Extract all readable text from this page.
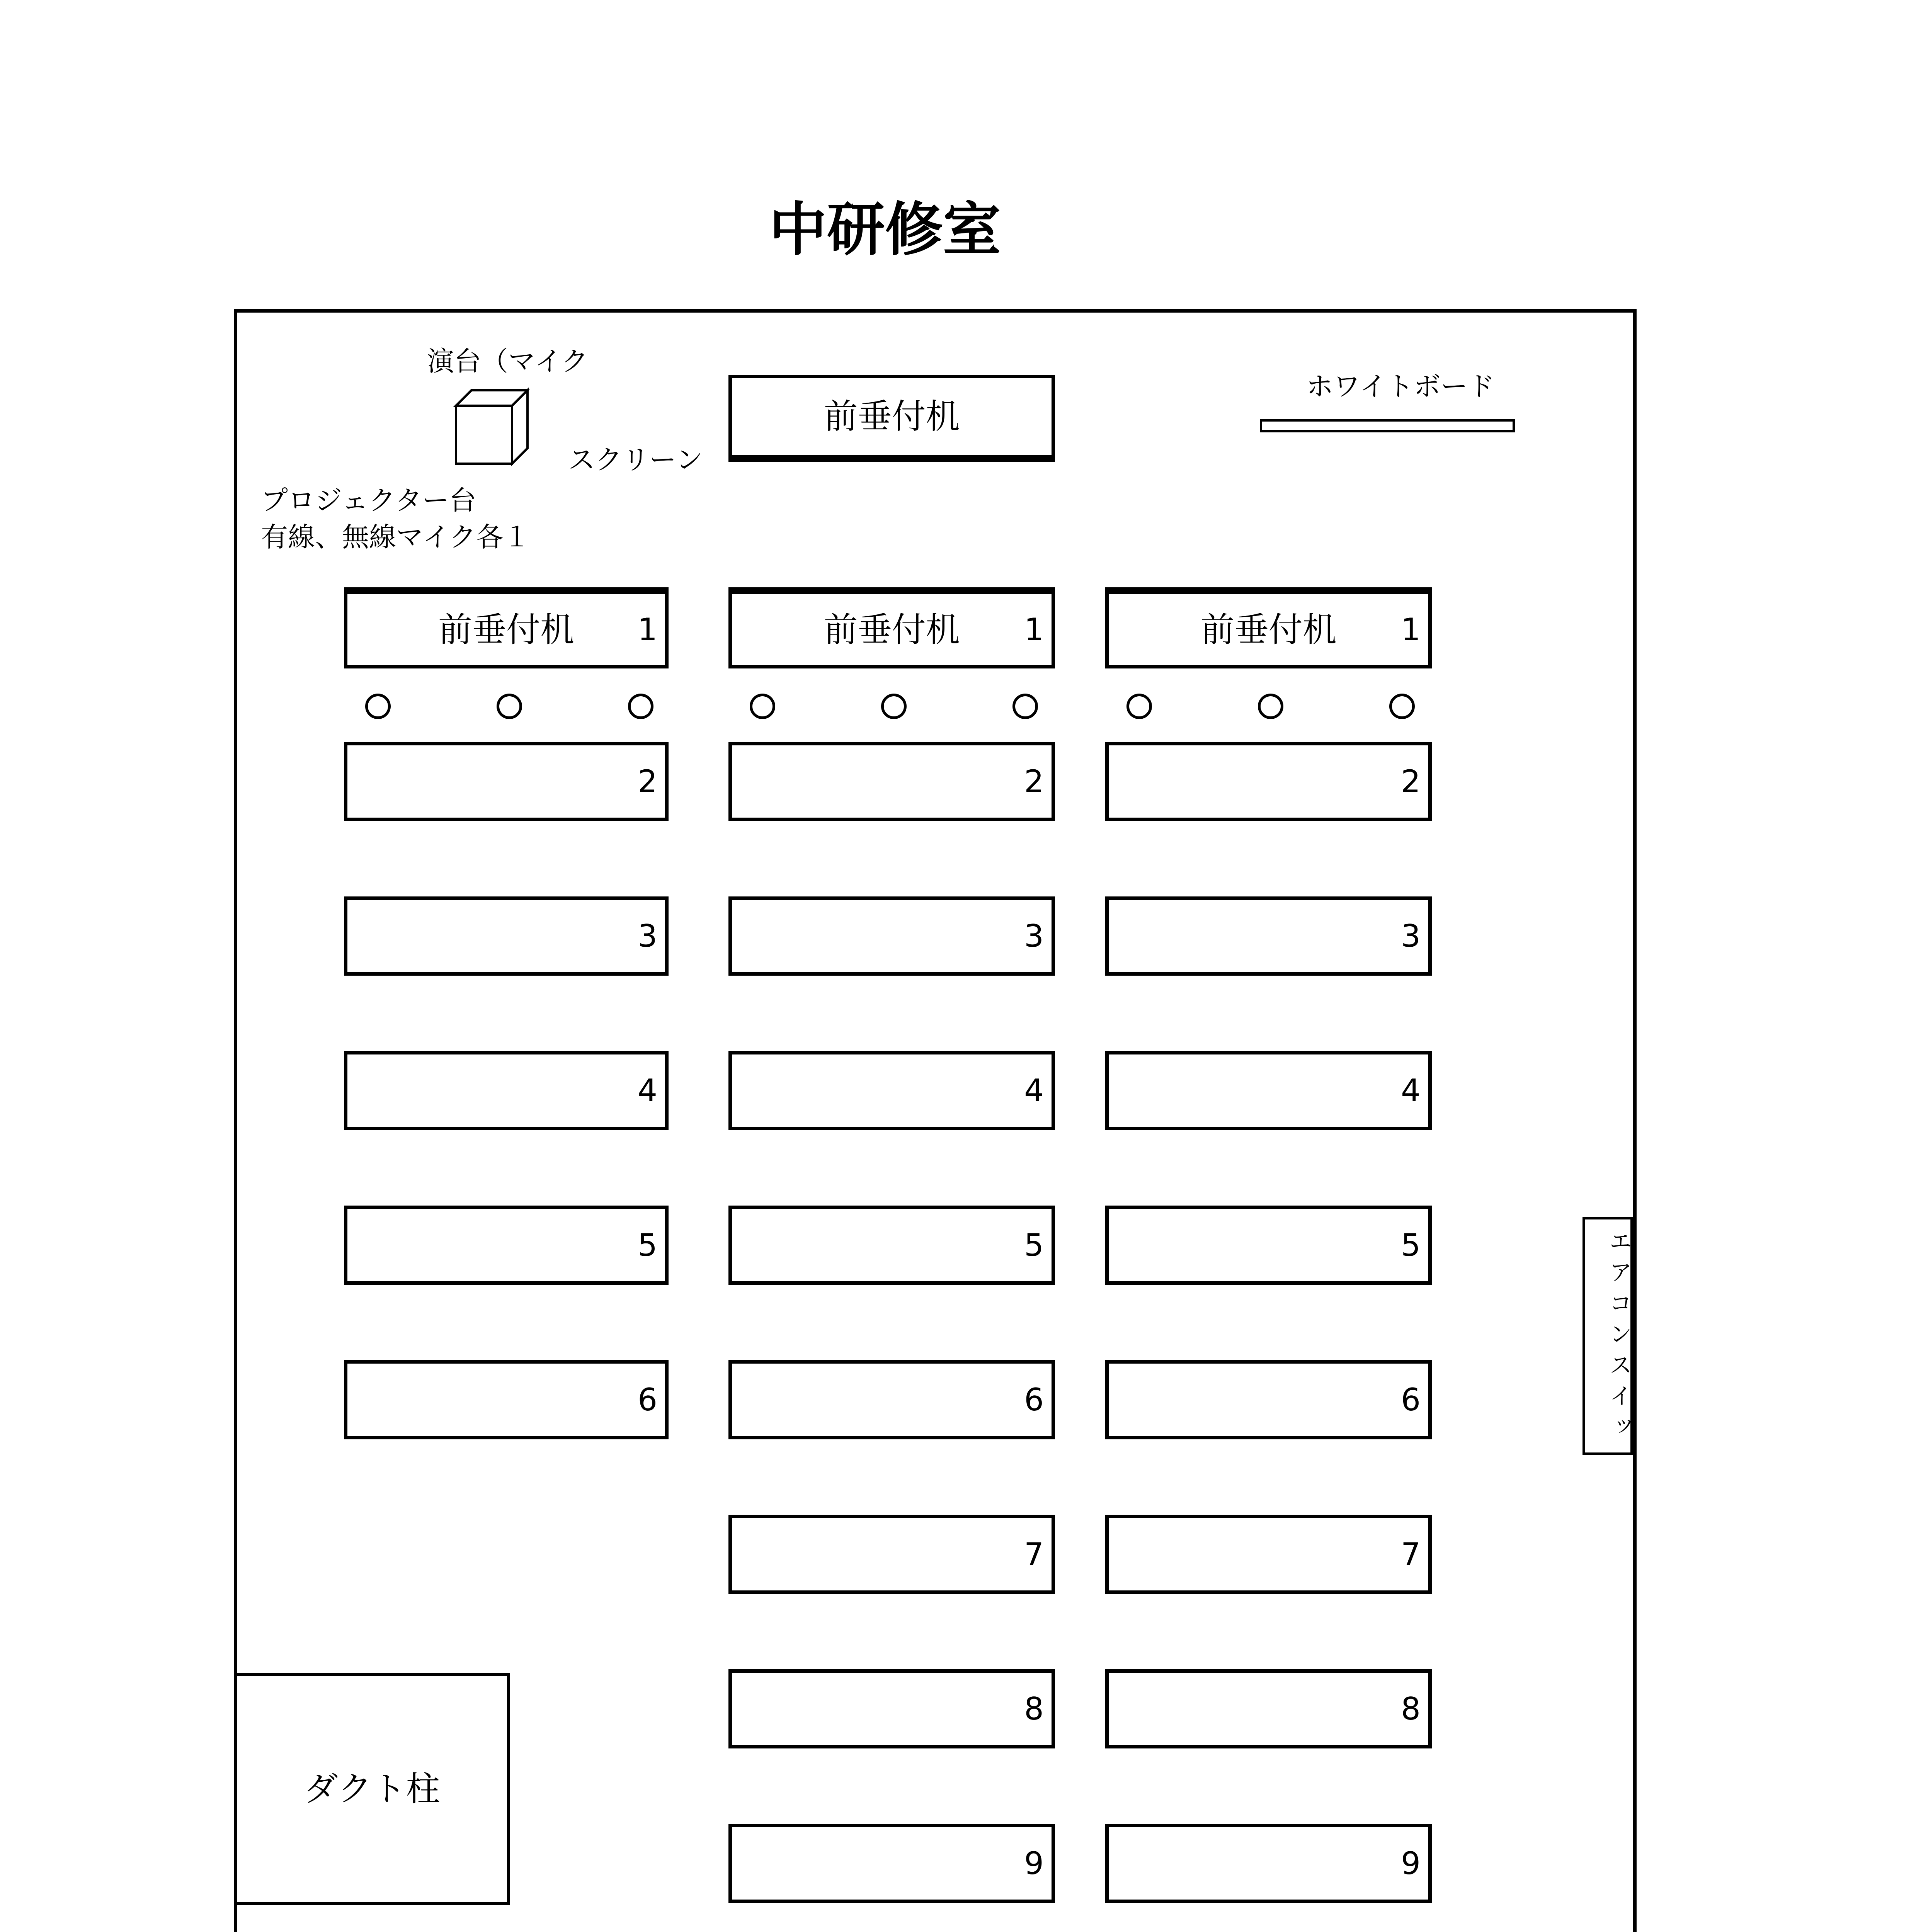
中研修室
演台（マイク
スクリーン
プロジェクター台
有線、無線マイク各１
前垂付机
ホワイトボード
前垂付机	1
2
3
4
5
6
前垂付机	1
2
3
4
5
6
7
8
9
前垂付机	1
2
3
4
5
6
7
8
9
エアコンスイッ
ダクト柱
